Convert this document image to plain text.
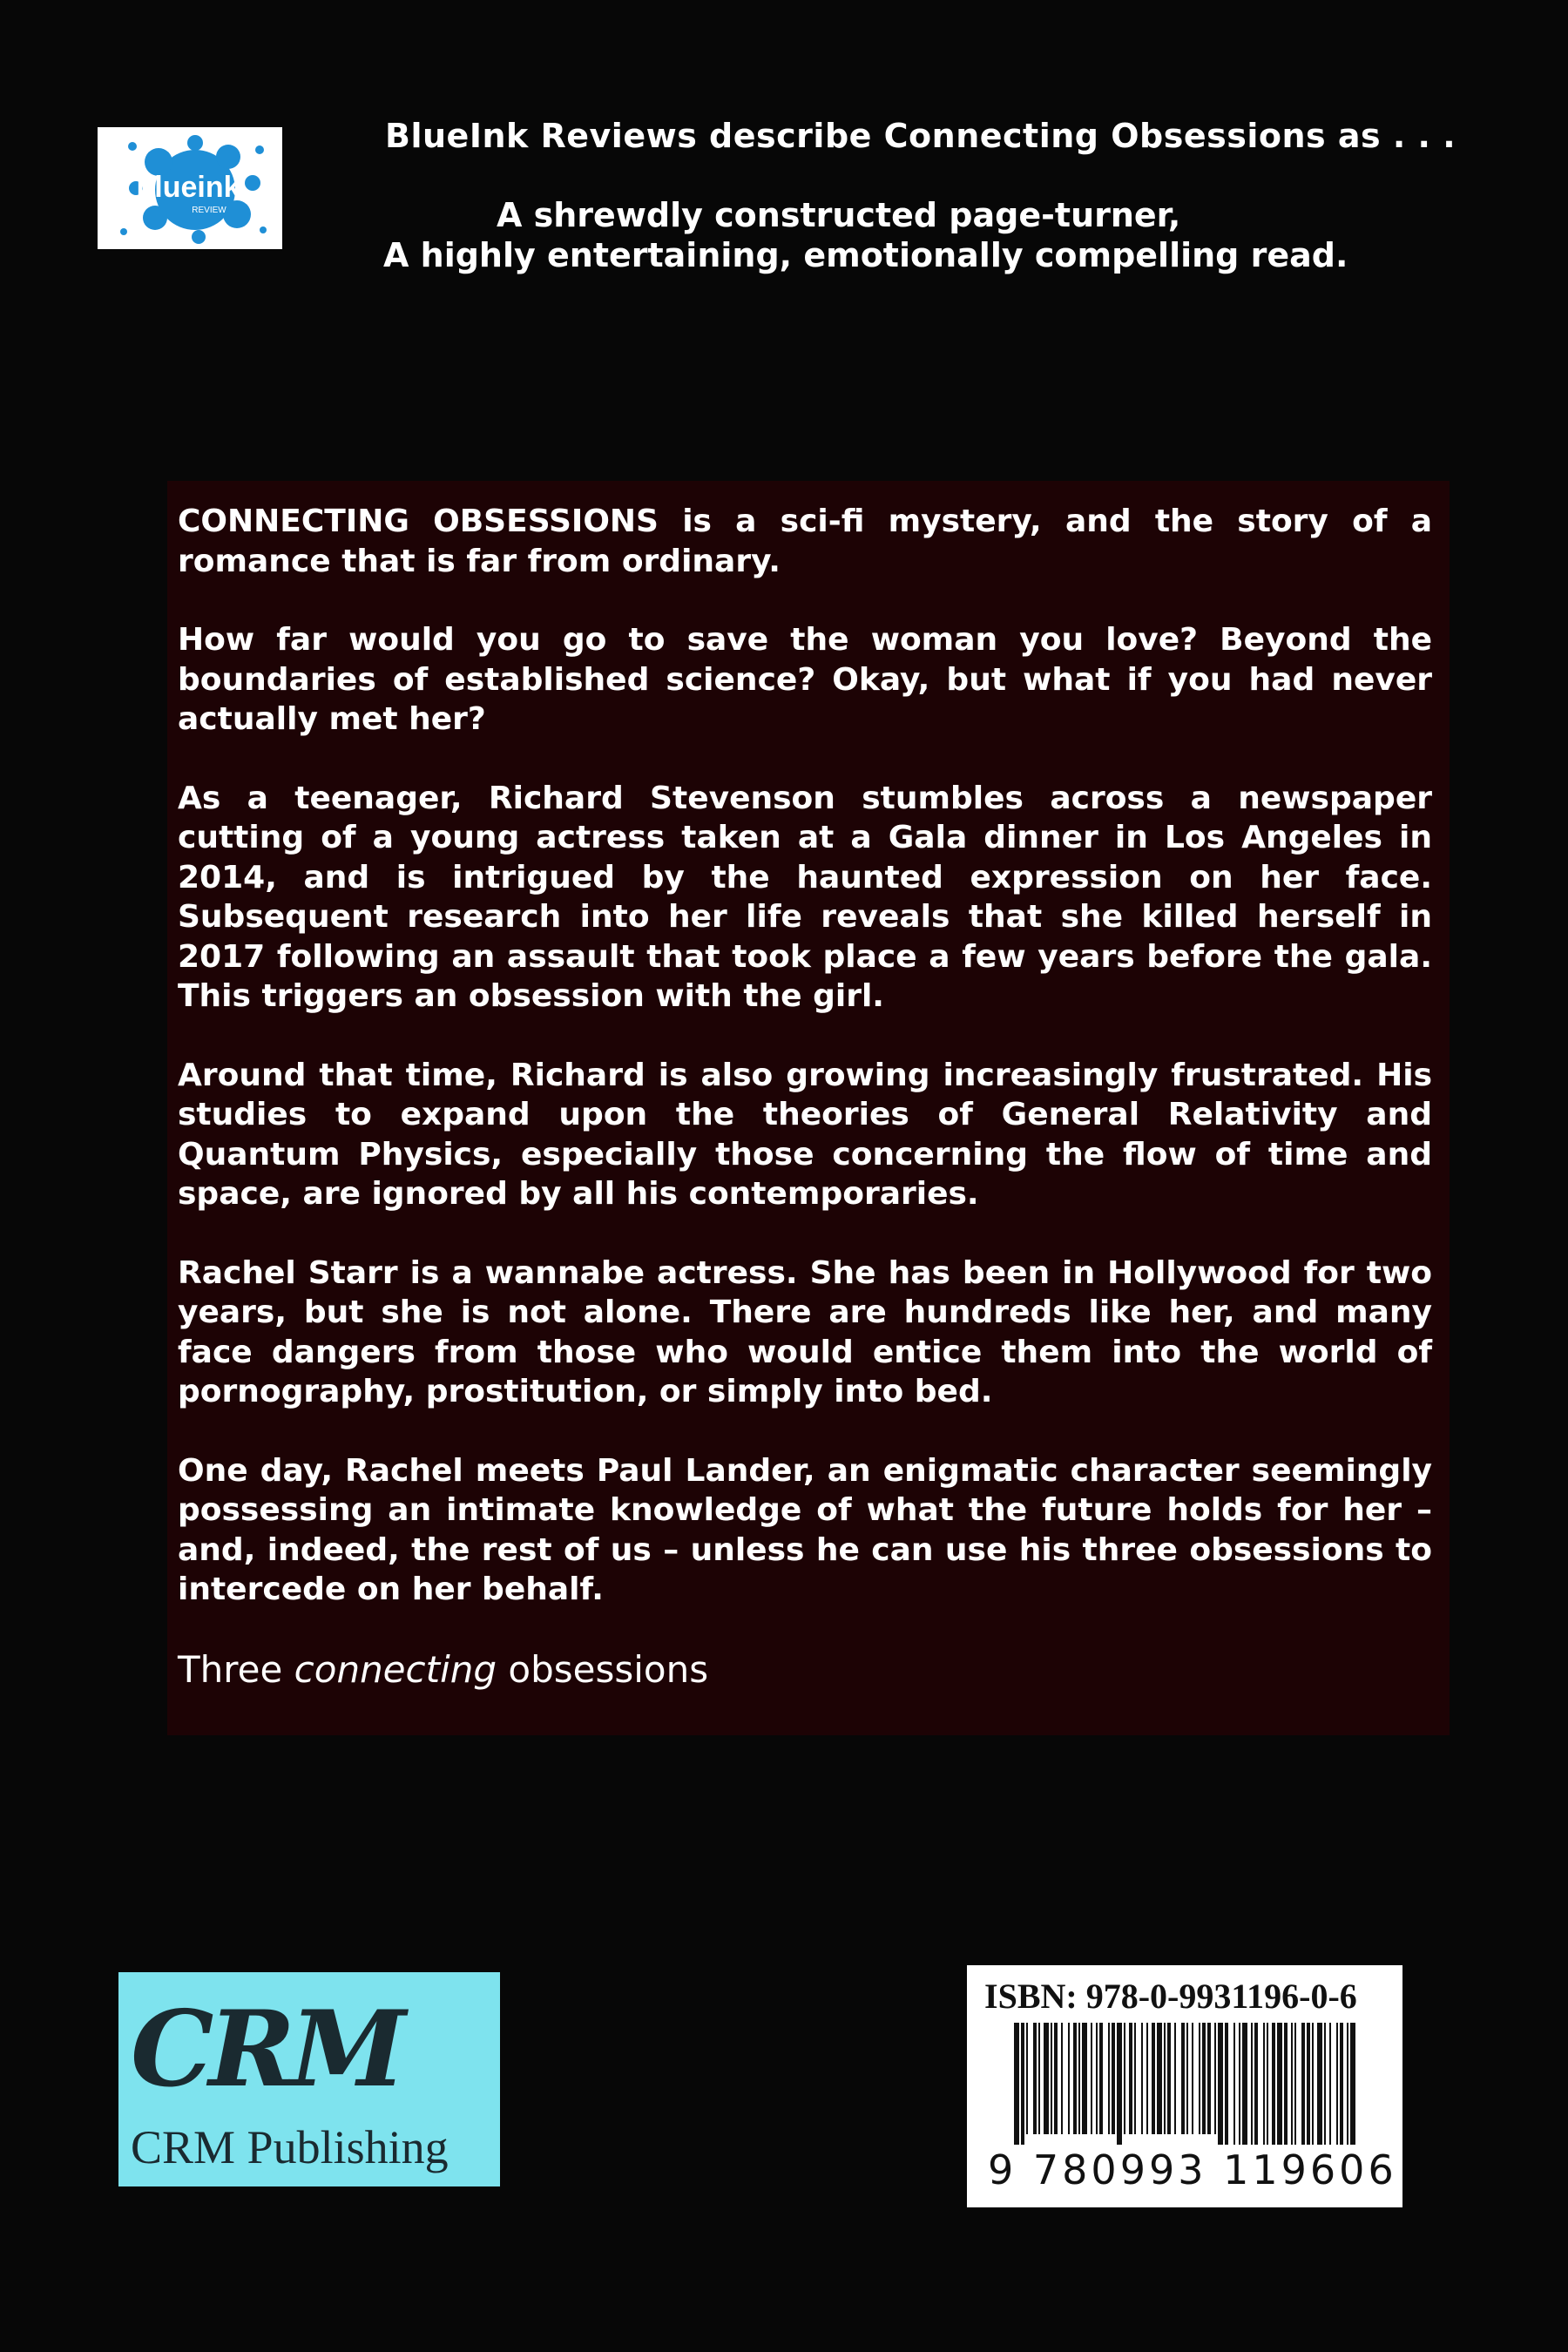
blueink
REVIEW
BlueInk Reviews describe Connecting Obsessions as . . .
A shrewdly constructed page-turner,
A highly entertaining, emotionally compelling read.

CONNECTING OBSESSIONS is a sci-fi mystery, and the story of a romance that is far from ordinary.

How far would you go to save the woman you love? Beyond the boundaries of established science? Okay, but what if you had never actually met her?

As a teenager, Richard Stevenson stumbles across a newspaper cutting of a young actress taken at a Gala dinner in Los Angeles in 2014, and is intrigued by the haunted expression on her face. Subsequent research into her life reveals that she killed herself in 2017 following an assault that took place a few years before the gala. This triggers an obsession with the girl.

Around that time, Richard is also growing increasingly frustrated. His studies to expand upon the theories of General Relativity and Quantum Physics, especially those concerning the flow of time and space, are ignored by all his contemporaries.

Rachel Starr is a wannabe actress. She has been in Hollywood for two years, but she is not alone. There are hundreds like her, and many face dangers from those who would entice them into the world of pornography, prostitution, or simply into bed.

One day, Rachel meets Paul Lander, an enigmatic character seemingly possessing an intimate knowledge of what the future holds for her – and, indeed, the rest of us – unless he can use his three obsessions to intercede on her behalf.

Three connecting obsessions
CRM
CRM Publishing
ISBN: 978-0-9931196-0-6
9 780993 119606
